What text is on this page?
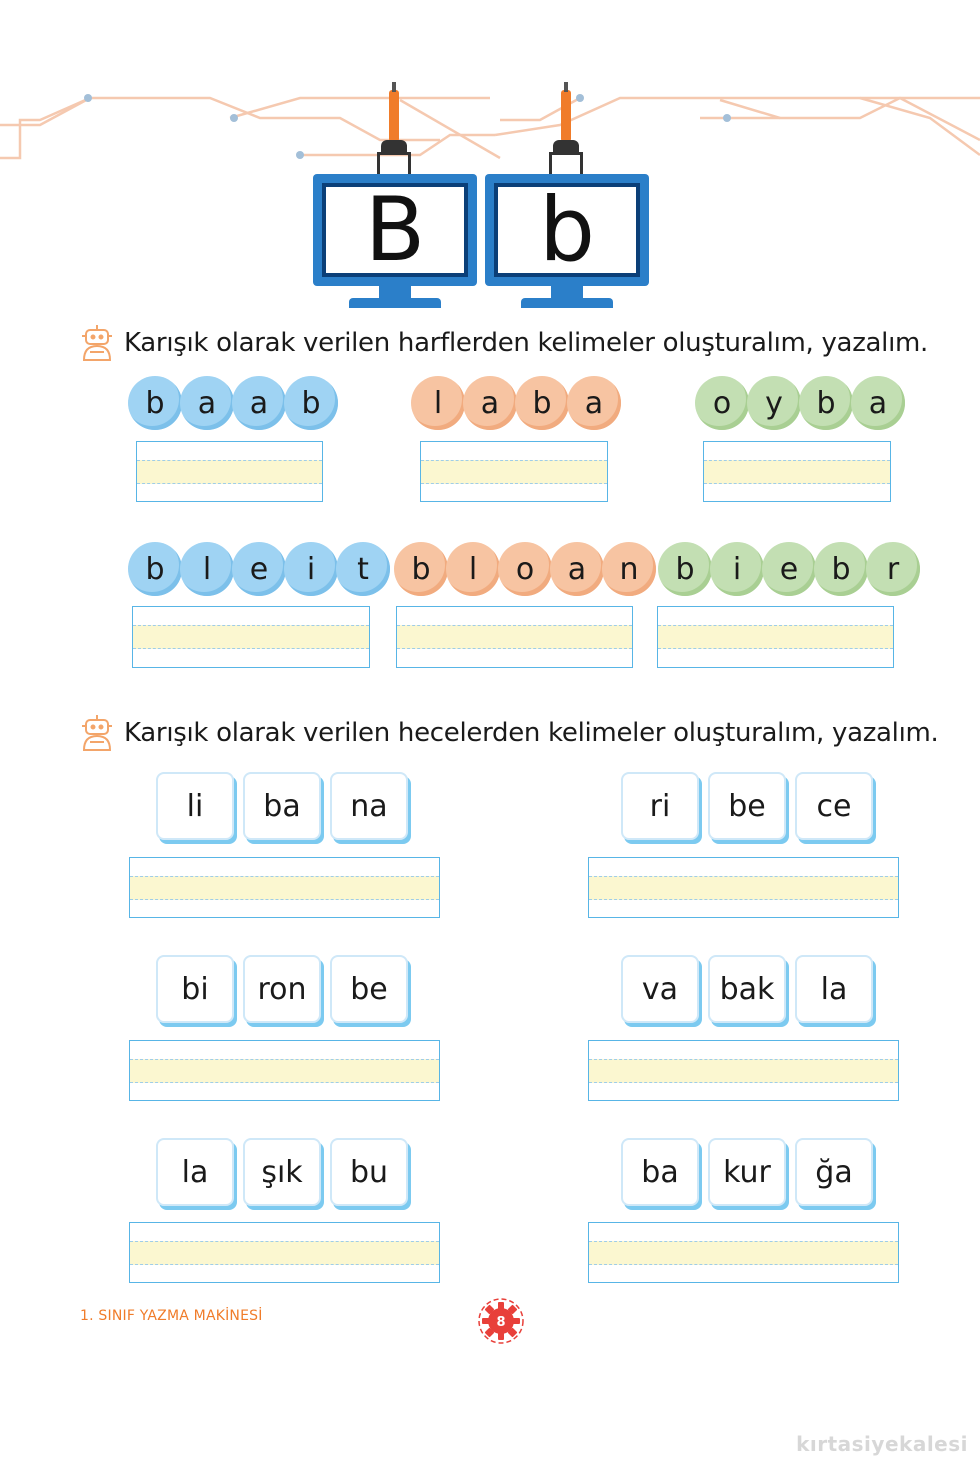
B b
Karışık olarak verilen harflerden kelimeler oluşturalım, yazalım.
b	a	a	b	l	a	b	a	o	y	b	a
b	l	e	i	t	b	l	o	a	n	b	i	e	b	r
Karışık olarak verilen hecelerden kelimeler oluşturalım, yazalım.
li	ba	na	ri	be	ce
bi	ron	be	va	bak	la
la	şık	bu	ba	kur	ğa
1. SINIF YAZMA MAKİNESİ	8
kırtasiyekalesi
